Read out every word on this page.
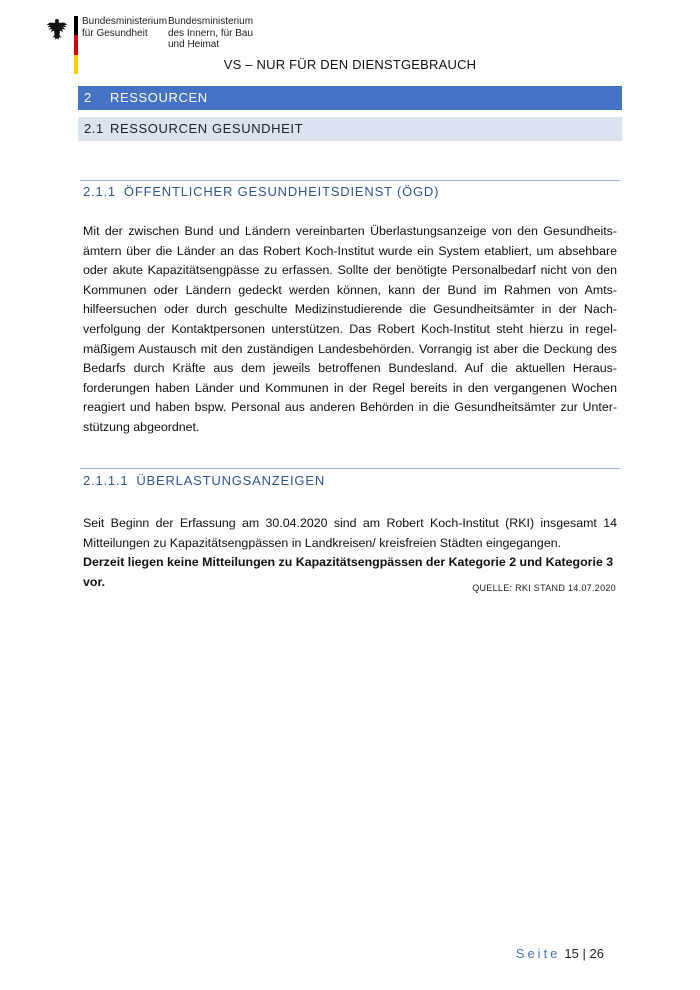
Bundesministerium
für Gesundheit
Bundesministerium
des Innern, für Bau
und Heimat
VS – NUR FÜR DEN DIENSTGEBRAUCH
2 RESSOURCEN
2.1 RESSOURCEN GESUNDHEIT
2.1.1 ÖFFENTLICHER GESUNDHEITSDIENST (ÖGD)

Mit der zwischen Bund und Ländern vereinbarten Überlastungsanzeige von den Gesundheitsämtern über die Länder an das Robert Koch-Institut wurde ein System etabliert, um absehbare oder akute Kapazitätsengpässe zu erfassen. Sollte der benötigte Personalbedarf nicht von den Kommunen oder Ländern gedeckt werden können, kann der Bund im Rahmen von Amtshilfeersuchen oder durch geschulte Medizinstudierende die Gesundheitsämter in der Nachverfolgung der Kontaktpersonen unterstützen. Das Robert Koch-Institut steht hierzu in regelmäßigem Austausch mit den zuständigen Landesbehörden. Vorrangig ist aber die Deckung des Bedarfs durch Kräfte aus dem jeweils betroffenen Bundesland. Auf die aktuellen Herausforderungen haben Länder und Kommunen in der Regel bereits in den vergangenen Wochen reagiert und haben bspw. Personal aus anderen Behörden in die Gesundheitsämter zur Unterstützung abgeordnet.

2.1.1.1 ÜBERLASTUNGSANZEIGEN

Seit Beginn der Erfassung am 30.04.2020 sind am Robert Koch-Institut (RKI) insgesamt 14 Mitteilungen zu Kapazitätsengpässen in Landkreisen/ kreisfreien Städten eingegangen.

Derzeit liegen keine Mitteilungen zu Kapazitätsengpässen der Kategorie 2 und Kategorie 3 vor.	QUELLE: RKI STAND 14.07.2020
Seite 15 | 26
